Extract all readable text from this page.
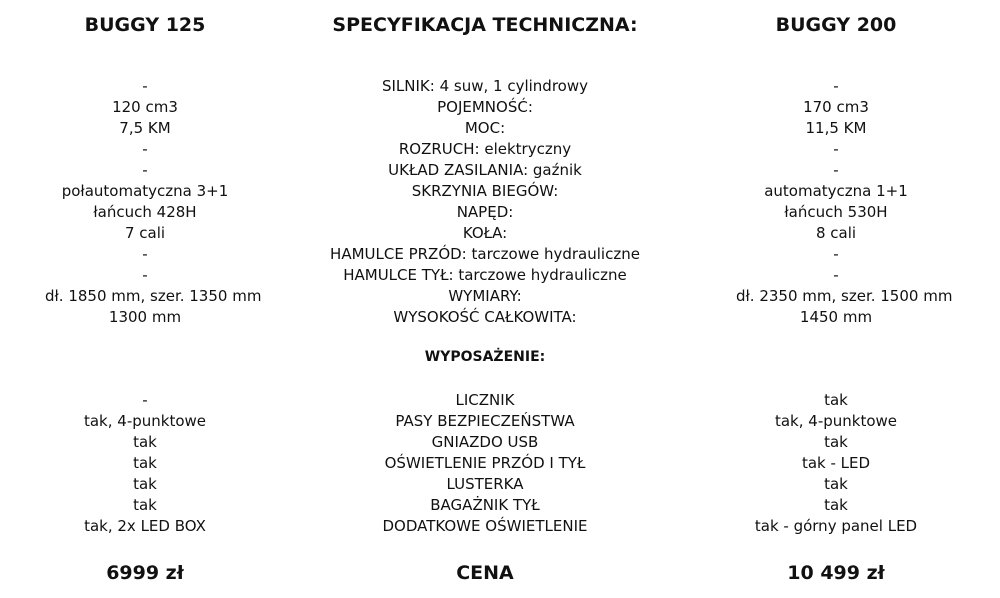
BUGGY 125
-
120 cm3
7,5 KM
-
-
połautomatyczna 3+1
łańcuch 428H
7 cali
-
-
dł. 1850 mm, szer. 1350 mm
1300 mm
-
tak, 4-punktowe
tak
tak
tak
tak
tak, 2x LED BOX
6999 zł
SPECYFIKACJA TECHNICZNA:
SILNIK: 4 suw, 1 cylindrowy
POJEMNOŚĆ:
MOC:
ROZRUCH: elektryczny
UKŁAD ZASILANIA: gaźnik
SKRZYNIA BIEGÓW:
NAPĘD:
KOŁA:
HAMULCE PRZÓD: tarczowe hydrauliczne
HAMULCE TYŁ: tarczowe hydrauliczne
WYMIARY:
WYSOKOŚĆ CAŁKOWITA:
WYPOSAŻENIE:
LICZNIK
PASY BEZPIECZEŃSTWA
GNIAZDO USB
OŚWIETLENIE PRZÓD I TYŁ
LUSTERKA
BAGAŻNIK TYŁ
DODATKOWE OŚWIETLENIE
CENA
BUGGY 200
-
170 cm3
11,5 KM
-
-
automatyczna 1+1
łańcuch 530H
8 cali
-
-
dł. 2350 mm, szer. 1500 mm
1450 mm
tak
tak, 4-punktowe
tak
tak - LED
tak
tak
tak - górny panel LED
10 499 zł
